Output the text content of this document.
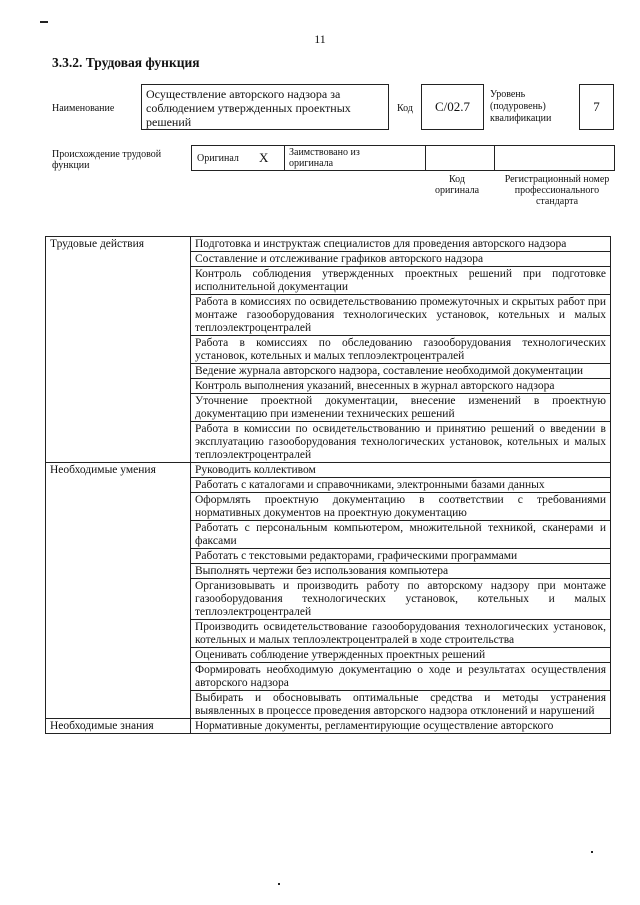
11
3.3.2. Трудовая функция
Наименование
Осуществление авторского надзора за соблюдением утвержденных проектных решений
Код	С/02.7
Уровень (подуровень) квалификации
7
Происхождение трудовой функции
Оригинал X Заимствовано из оригинала
Код оригинала
Регистрационный номер профессионального стандарта
Трудовые действия	Подготовка и инструктаж специалистов для проведения авторского надзора
	Составление и отслеживание графиков авторского надзора
	Контроль соблюдения утвержденных проектных решений при подготовке исполнительной документации
	Работа в комиссиях по освидетельствованию промежуточных и скрытых работ при монтаже газооборудования технологических установок, котельных и малых теплоэлектроцентралей
	Работа в комиссиях по обследованию газооборудования технологических установок, котельных и малых теплоэлектроцентралей
	Ведение журнала авторского надзора, составление необходимой документации
	Контроль выполнения указаний, внесенных в журнал авторского надзора
	Уточнение проектной документации, внесение изменений в проектную документацию при изменении технических решений
	Работа в комиссии по освидетельствованию и принятию решений о введении в эксплуатацию газооборудования технологических установок, котельных и малых теплоэлектроцентралей
Необходимые умения	Руководить коллективом
	Работать с каталогами и справочниками, электронными базами данных
	Оформлять проектную документацию в соответствии с требованиями нормативных документов на проектную документацию
	Работать с персональным компьютером, множительной техникой, сканерами и факсами
	Работать с текстовыми редакторами, графическими программами
	Выполнять чертежи без использования компьютера
	Организовывать и производить работу по авторскому надзору при монтаже газооборудования технологических установок, котельных и малых теплоэлектроцентралей
	Производить освидетельствование газооборудования технологических установок, котельных и малых теплоэлектроцентралей в ходе строительства
	Оценивать соблюдение утвержденных проектных решений
	Формировать необходимую документацию о ходе и результатах осуществления авторского надзора
	Выбирать и обосновывать оптимальные средства и методы устранения выявленных в процессе проведения авторского надзора отклонений и нарушений
Необходимые знания	Нормативные документы, регламентирующие осуществление авторского
